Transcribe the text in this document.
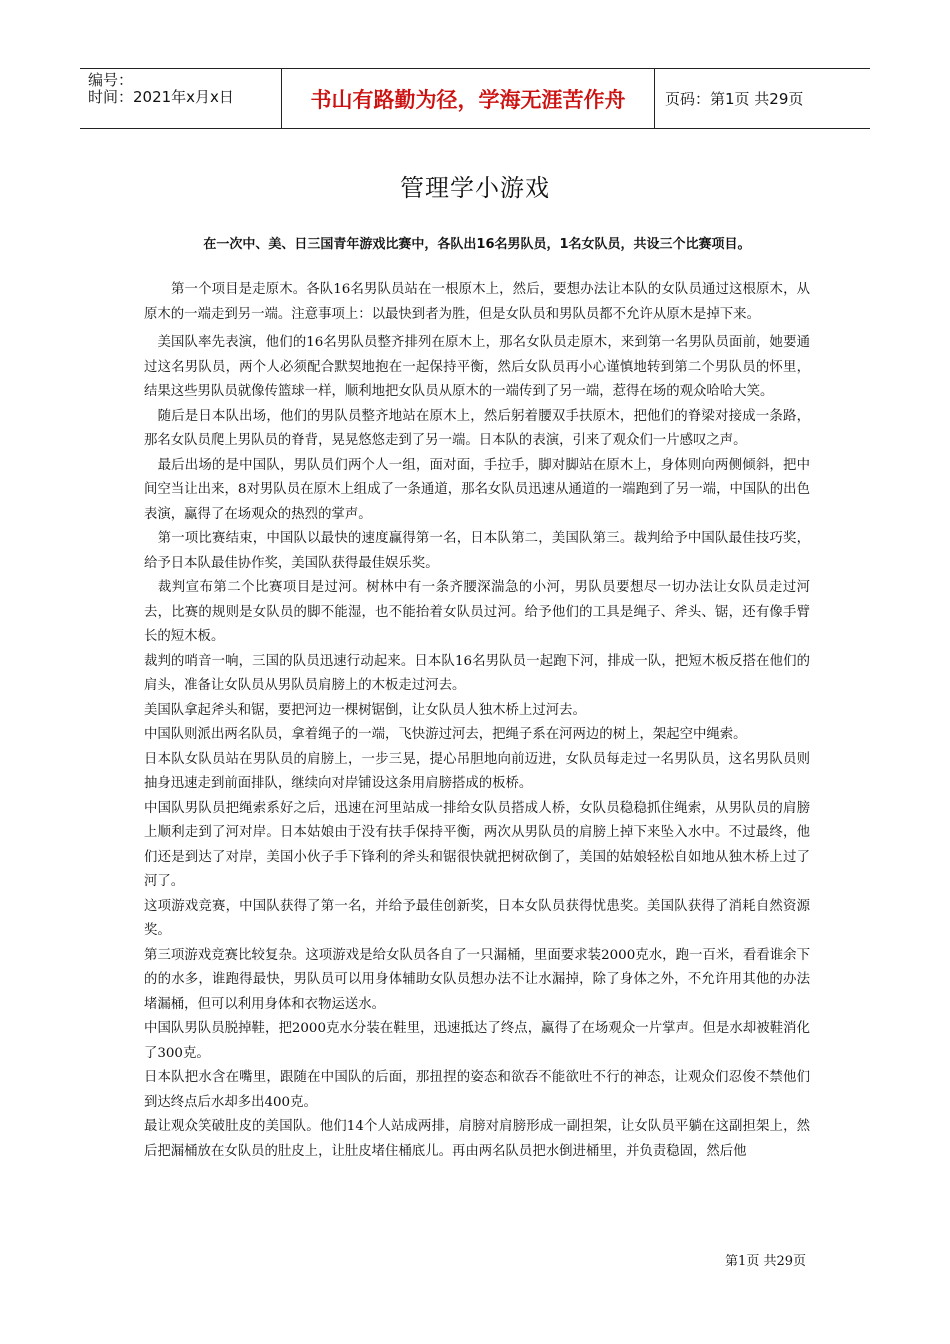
编号：
时间：2021年x月x日	书山有路勤为径，学海无涯苦作舟	页码：第1页 共29页
管理学小游戏
在一次中、美、日三国青年游戏比赛中，各队出16名男队员，1名女队员，共设三个比赛项目。

　　第一个项目是走原木。各队16名男队员站在一根原木上，然后，要想办法让本队的女队员通过这根原木，从原木的一端走到另一端。注意事项上：以最快到者为胜，但是女队员和男队员都不允许从原木是掉下来。

　美国队率先表演，他们的16名男队员整齐排列在原木上，那名女队员走原木，来到第一名男队员面前，她要通过这名男队员，两个人必须配合默契地抱在一起保持平衡，然后女队员再小心谨慎地转到第二个男队员的怀里，结果这些男队员就像传篮球一样，顺利地把女队员从原木的一端传到了另一端，惹得在场的观众哈哈大笑。

　随后是日本队出场，他们的男队员整齐地站在原木上，然后躬着腰双手扶原木，把他们的脊梁对接成一条路，那名女队员爬上男队员的脊背，晃晃悠悠走到了另一端。日本队的表演，引来了观众们一片感叹之声。

　最后出场的是中国队，男队员们两个人一组，面对面，手拉手，脚对脚站在原木上，身体则向两侧倾斜，把中间空当让出来，8对男队员在原木上组成了一条通道，那名女队员迅速从通道的一端跑到了另一端，中国队的出色表演，赢得了在场观众的热烈的掌声。

　第一项比赛结束，中国队以最快的速度赢得第一名，日本队第二，美国队第三。裁判给予中国队最佳技巧奖，给予日本队最佳协作奖，美国队获得最佳娱乐奖。

　裁判宣布第二个比赛项目是过河。树林中有一条齐腰深湍急的小河，男队员要想尽一切办法让女队员走过河去，比赛的规则是女队员的脚不能湿，也不能抬着女队员过河。给予他们的工具是绳子、斧头、锯，还有像手臂长的短木板。

裁判的哨音一响，三国的队员迅速行动起来。日本队16名男队员一起跑下河，排成一队，把短木板反搭在他们的肩头，准备让女队员从男队员肩膀上的木板走过河去。

美国队拿起斧头和锯，要把河边一棵树锯倒，让女队员人独木桥上过河去。

中国队则派出两名队员，拿着绳子的一端，飞快游过河去，把绳子系在河两边的树上，架起空中绳索。

日本队女队员站在男队员的肩膀上，一步三晃，提心吊胆地向前迈进，女队员每走过一名男队员，这名男队员则抽身迅速走到前面排队，继续向对岸铺设这条用肩膀搭成的板桥。

中国队男队员把绳索系好之后，迅速在河里站成一排给女队员搭成人桥，女队员稳稳抓住绳索，从男队员的肩膀上顺利走到了河对岸。日本姑娘由于没有扶手保持平衡，两次从男队员的肩膀上掉下来坠入水中。不过最终，他们还是到达了对岸，美国小伙子手下锋利的斧头和锯很快就把树砍倒了，美国的姑娘轻松自如地从独木桥上过了河了。

这项游戏竞赛，中国队获得了第一名，并给予最佳创新奖，日本女队员获得忧患奖。美国队获得了消耗自然资源奖。

第三项游戏竞赛比较复杂。这项游戏是给女队员各自了一只漏桶，里面要求装2000克水，跑一百米，看看谁余下的的水多，谁跑得最快，男队员可以用身体辅助女队员想办法不让水漏掉，除了身体之外，不允许用其他的办法堵漏桶，但可以利用身体和衣物运送水。

中国队男队员脱掉鞋，把2000克水分装在鞋里，迅速抵达了终点，赢得了在场观众一片掌声。但是水却被鞋消化了300克。

日本队把水含在嘴里，跟随在中国队的后面，那扭捏的姿态和欲吞不能欲吐不行的神态，让观众们忍俊不禁他们到达终点后水却多出400克。

最让观众笑破肚皮的美国队。他们14个人站成两排，肩膀对肩膀形成一副担架，让女队员平躺在这副担架上，然后把漏桶放在女队员的肚皮上，让肚皮堵住桶底儿。再由两名队员把水倒进桶里，并负责稳固，然后他

第1页 共29页
